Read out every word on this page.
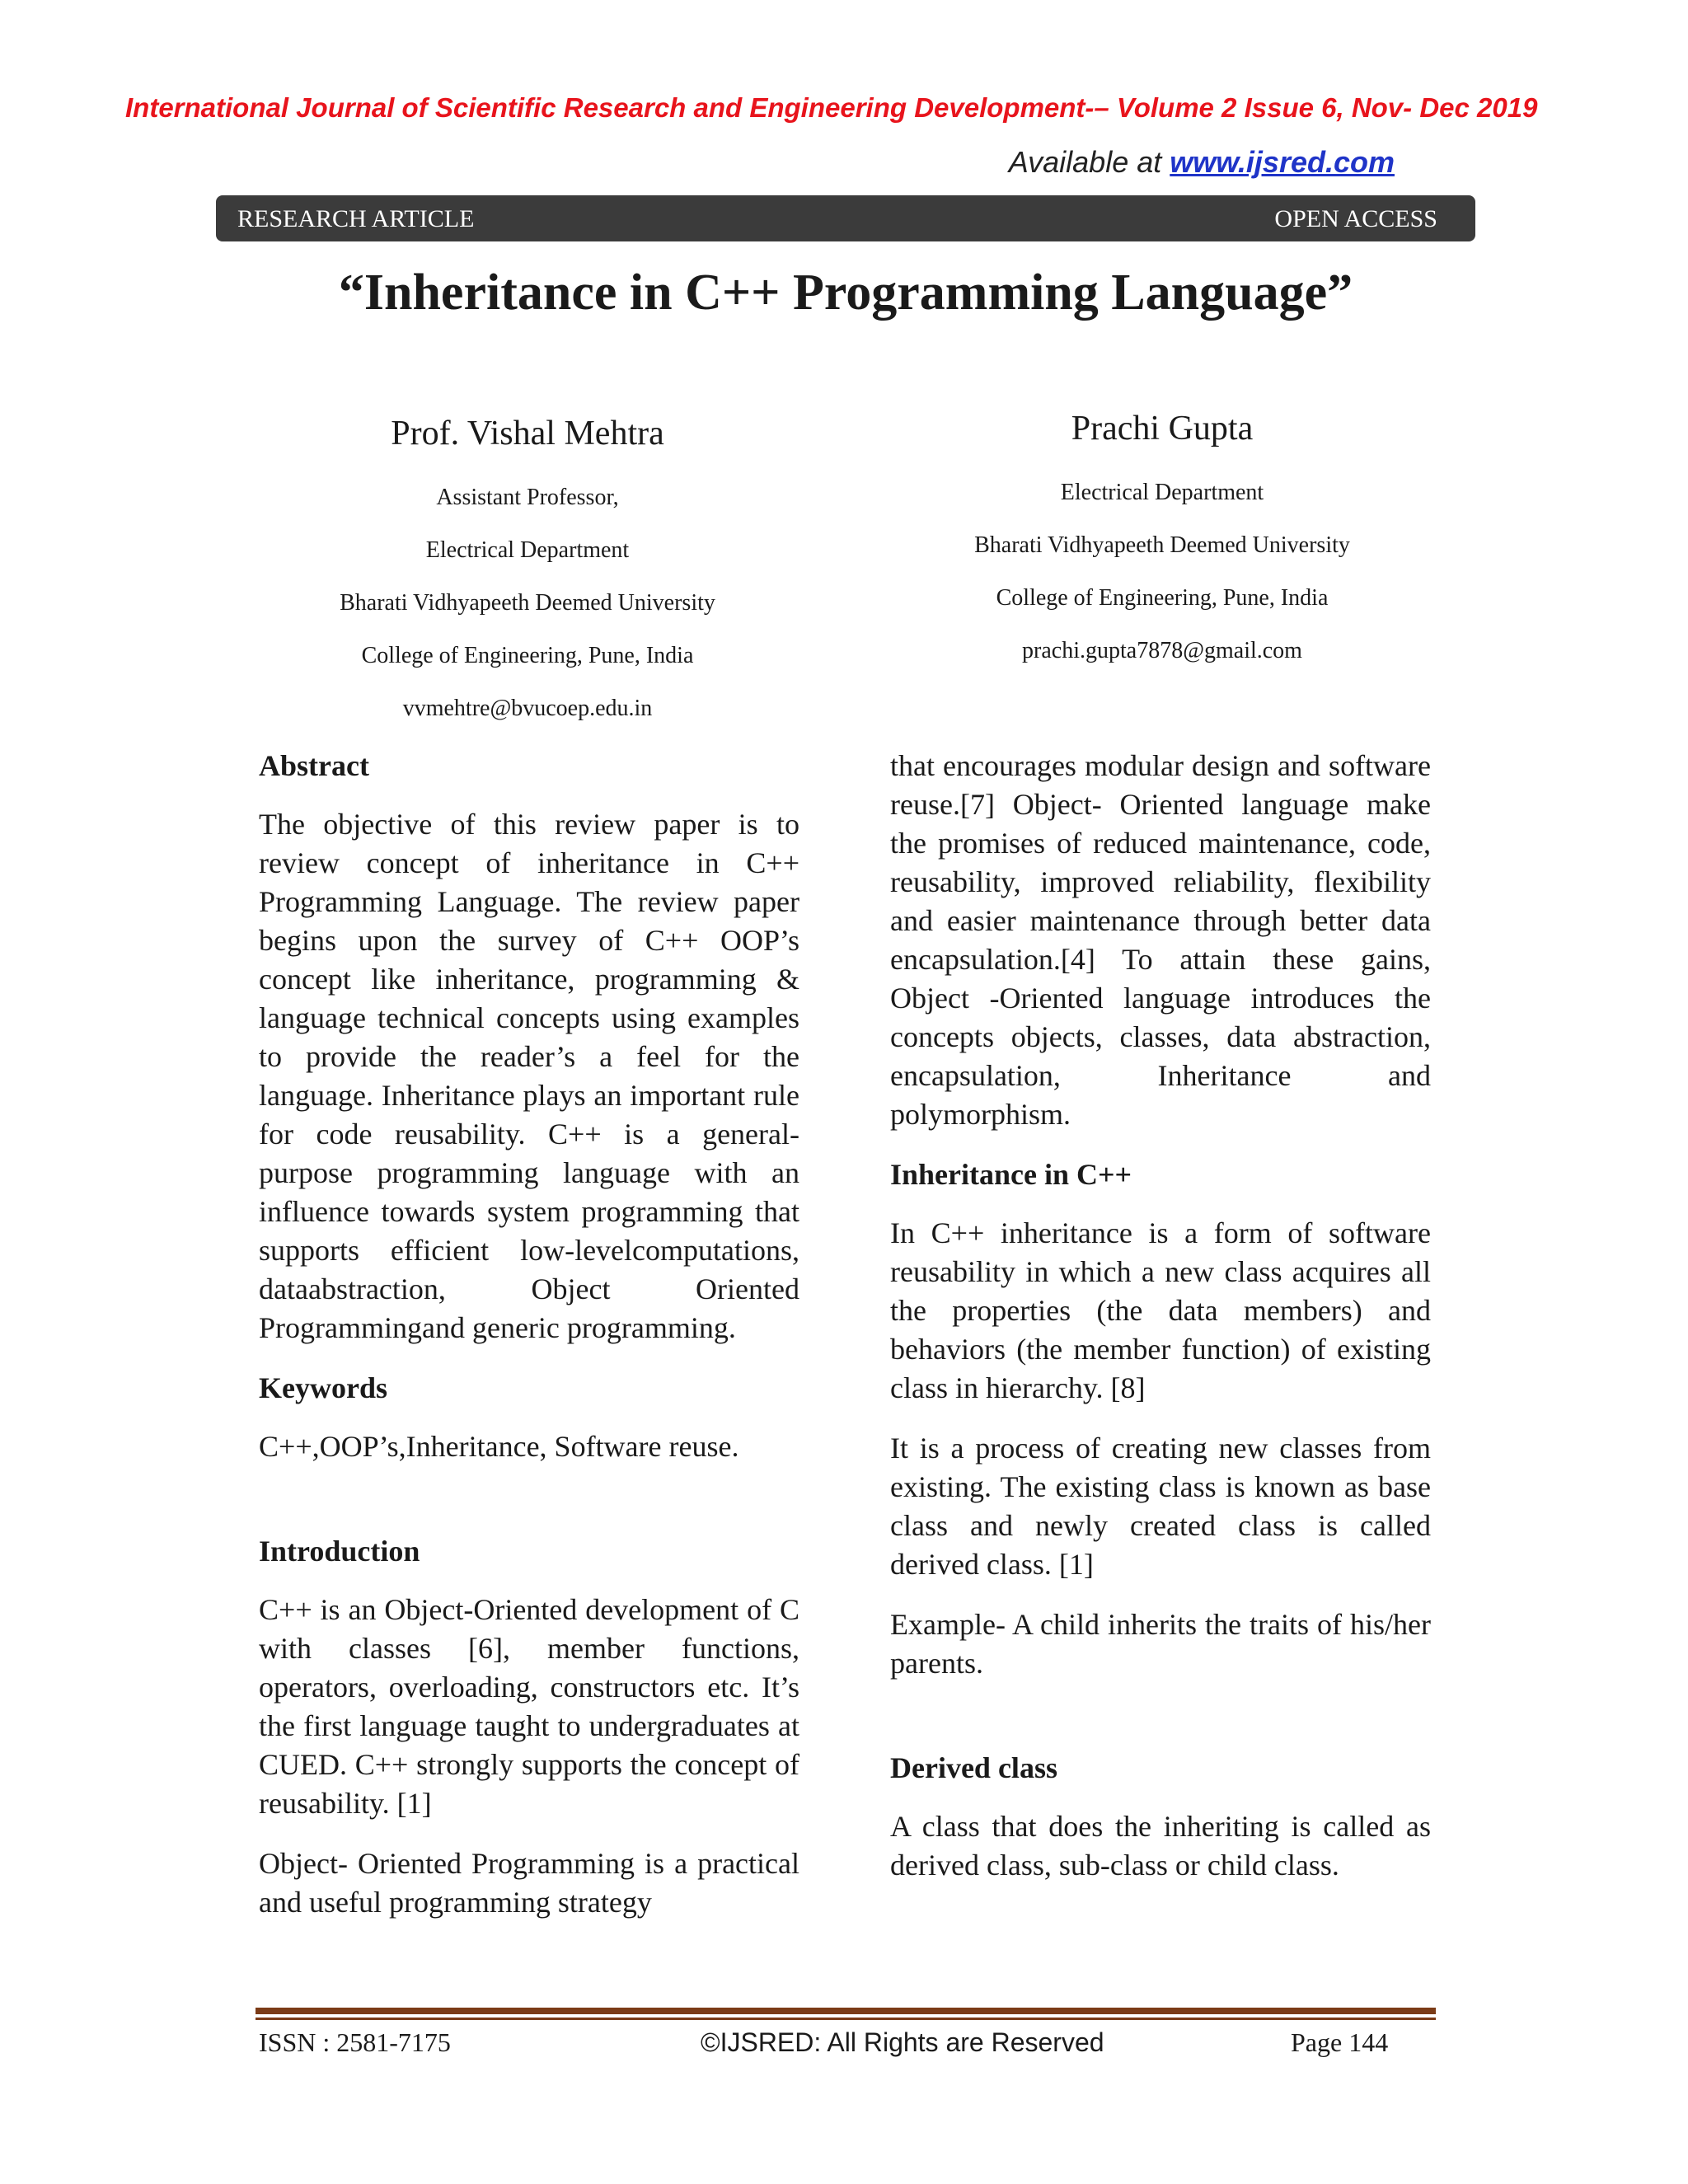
International Journal of Scientific Research and Engineering Development-– Volume 2 Issue 6, Nov- Dec 2019
Available at www.ijsred.com
RESEARCH ARTICLE	OPEN ACCESS
“Inheritance in C++ Programming Language”
Prof. Vishal Mehtra
Assistant Professor,
Electrical Department
Bharati Vidhyapeeth Deemed University
College of Engineering, Pune, India
vvmehtre@bvucoep.edu.in
Prachi Gupta
Electrical Department
Bharati Vidhyapeeth Deemed University
College of Engineering, Pune, India
prachi.gupta7878@gmail.com
Abstract

The objective of this review paper is to review concept of inheritance in C++ Programming Language. The review paper begins upon the survey of C++ OOP’s concept like inheritance, programming & language technical concepts using examples to provide the reader’s a feel for the language. Inheritance plays an important rule for code reusability. C++ is a general-purpose programming language with an influence towards system programming that supports efficient low-levelcomputations, dataabstraction, Object Oriented Programmingand generic programming.

Keywords

C++,OOP’s,Inheritance, Software reuse.

Introduction

C++ is an Object-Oriented development of C with classes [6], member functions, operators, overloading, constructors etc. It’s the first language taught to undergraduates at CUED. C++ strongly supports the concept of reusability. [1]

Object- Oriented Programming is a practical and useful programming strategy

that encourages modular design and software reuse.[7] Object- Oriented language make the promises of reduced maintenance, code, reusability, improved reliability, flexibility and easier maintenance through better data encapsulation.[4] To attain these gains, Object -Oriented language introduces the concepts objects, classes, data abstraction, encapsulation, Inheritance and polymorphism.

Inheritance in C++

In C++ inheritance is a form of software reusability in which a new class acquires all the properties (the data members) and behaviors (the member function) of existing class in hierarchy. [8]

It is a process of creating new classes from existing. The existing class is known as base class and newly created class is called derived class. [1]

Example- A child inherits the traits of his/her parents.

Derived class

A class that does the inheriting is called as derived class, sub-class or child class.

ISSN : 2581-7175	©IJSRED: All Rights are Reserved	Page 144
